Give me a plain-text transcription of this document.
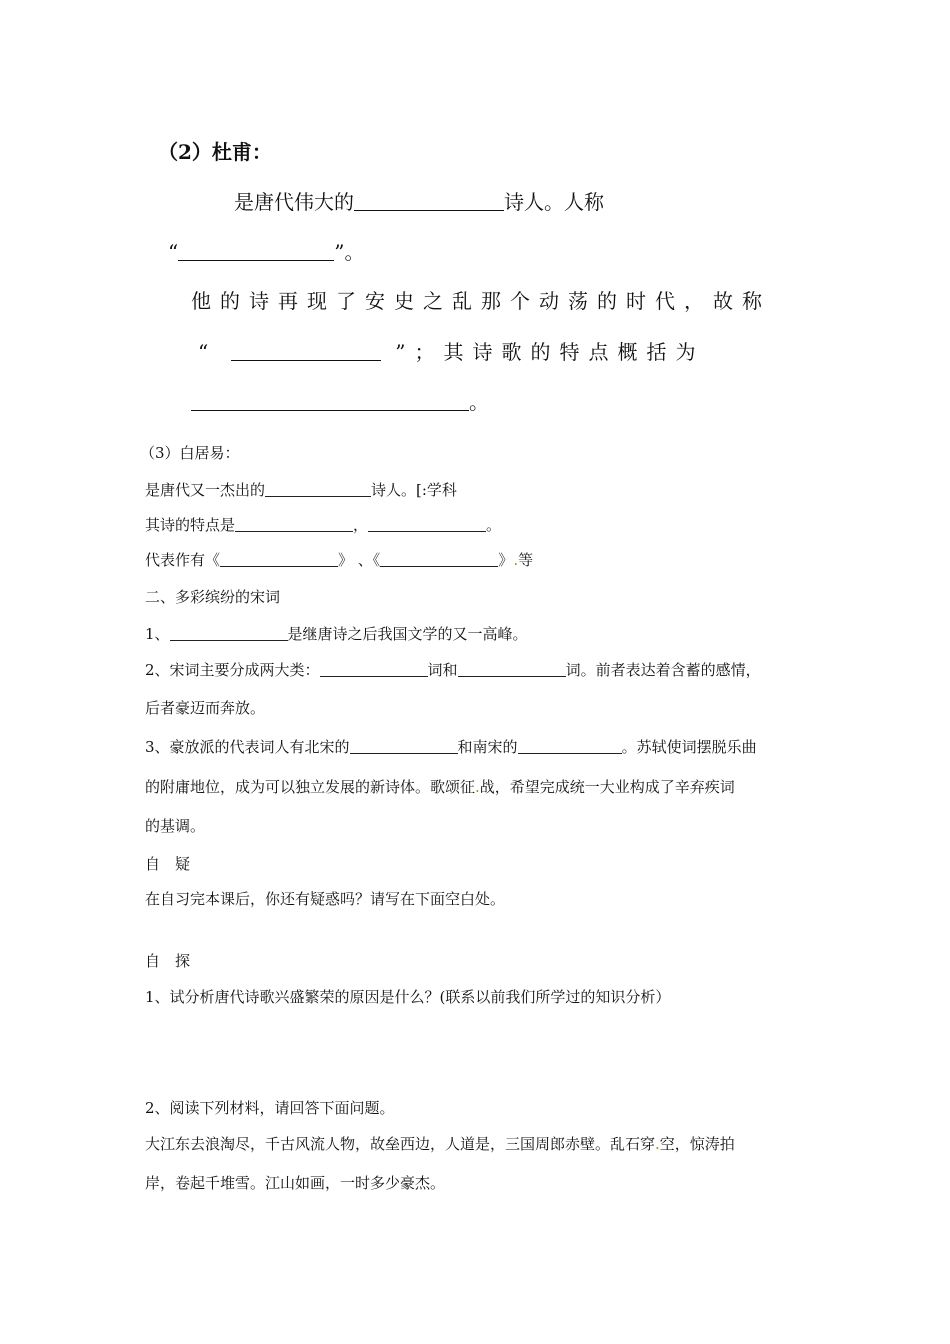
（2）杜甫：
是唐代伟大的	诗人。人称
“	”。
他的诗再现了安史之乱那个动荡的时代，故称
“	”；其诗歌的特点概括为
。
（3）白居易：
是唐代又一杰出的	诗人。[:学科
其诗的特点是	，	。
代表作有《	》 、《	》.等
二、多彩缤纷的宋词
1、	是继唐诗之后我国文学的又一高峰。
2、宋词主要分成两大类：	词和	词。前者表达着含蓄的感情，
后者豪迈而奔放。
3、豪放派的代表词人有北宋的	和南宋的	。苏轼使词摆脱乐曲
的附庸地位，成为可以独立发展的新诗体。歌颂征.战，希望完成统一大业构成了辛弃疾词
的基调。
自　疑
在自习完本课后，你还有疑惑吗？请写在下面空白处。
自　探
1、试分析唐代诗歌兴盛繁荣的原因是什么？(联系以前我们所学过的知识分析）
2、阅读下列材料，请回答下面问题。
大江东去浪淘尽，千古风流人物，故垒西边，人道是，三国周郎赤壁。乱石穿.空，惊涛拍
岸，卷起千堆雪。江山如画，一时多少豪杰。
